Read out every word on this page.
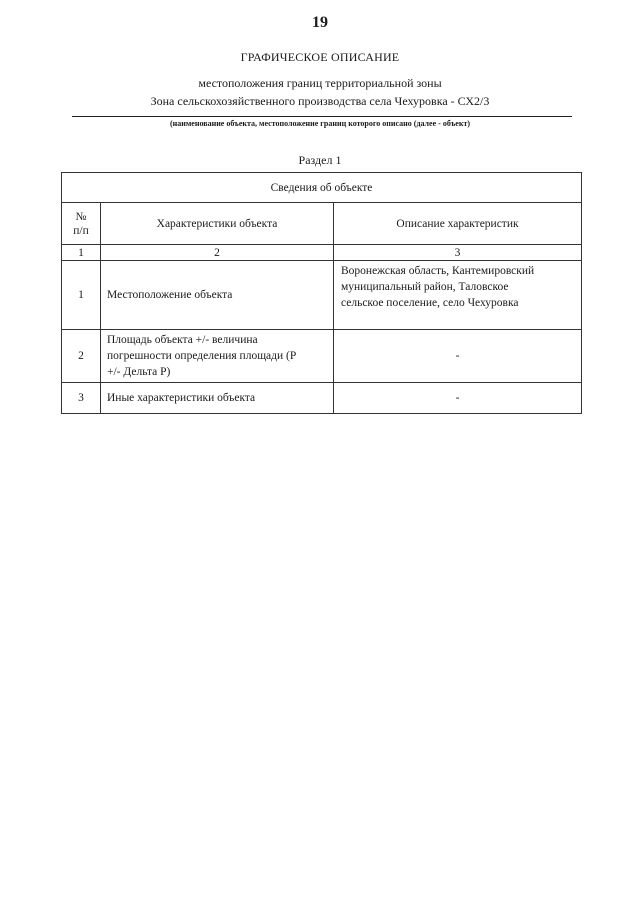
19
ГРАФИЧЕСКОЕ ОПИСАНИЕ
местоположения границ территориальной зоны
Зона сельскохозяйственного производства села Чехуровка - СХ2/3
(наименование объекта, местоположение границ которого описано (далее - объект)
Раздел 1
Сведения об объекте		

№
п/п	Характеристики объекта	Описание характеристик
1	2	3
1	Местоположение объекта	Воронежская область, Кантемировский
муниципальный район, Таловское
сельское поселение, село Чехуровка

2	Площадь объекта +/- величина
погрешности определения площади (Р
+/- Дельта Р)	-
3	Иные характеристики объекта	-
